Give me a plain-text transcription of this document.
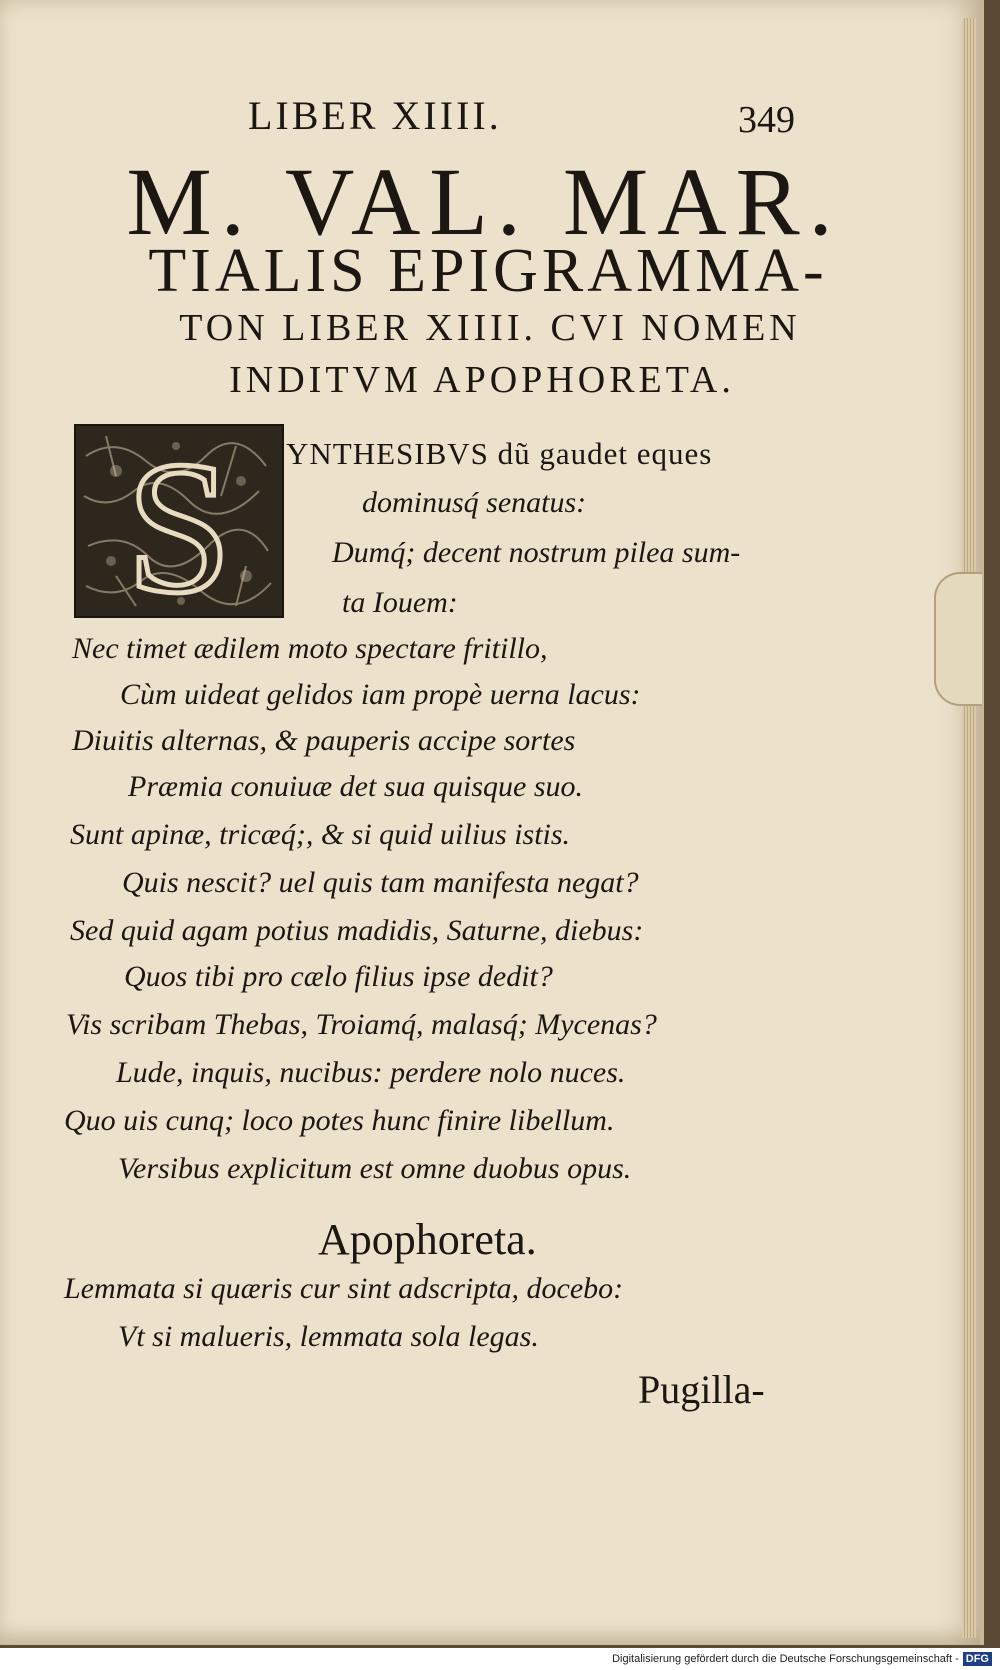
LIBER XIIII.	349
M. VAL. MAR.
TIALIS EPIGRAMMA-
TON LIBER XIIII. CVI NOMEN
INDITVM APOPHORETA.
S YNTHESIBVS dũ gaudet eques
dominusq́ senatus:
Dumq́; decent nostrum pilea sum-
ta Iouem:
Nec timet ædilem moto spectare fritillo,
Cùm uideat gelidos iam propè uerna lacus:
Diuitis alternas, & pauperis accipe sortes
Præmia conuiuæ det sua quisque suo.
Sunt apinæ, tricæq́;, & si quid uilius istis.
Quis nescit? uel quis tam manifesta negat?
Sed quid agam potius madidis, Saturne, diebus:
Quos tibi pro cælo filius ipse dedit?
Vis scribam Thebas, Troiamq́, malasq́; Mycenas?
Lude, inquis, nucibus: perdere nolo nuces.
Quo uis cunq; loco potes hunc finire libellum.
Versibus explicitum est omne duobus opus.
Apophoreta.
Lemmata si quæris cur sint adscripta, docebo:
Vt si malueris, lemmata sola legas.
Pugilla-
Digitalisierung gefördert durch die Deutsche Forschungsgemeinschaft - DFG
